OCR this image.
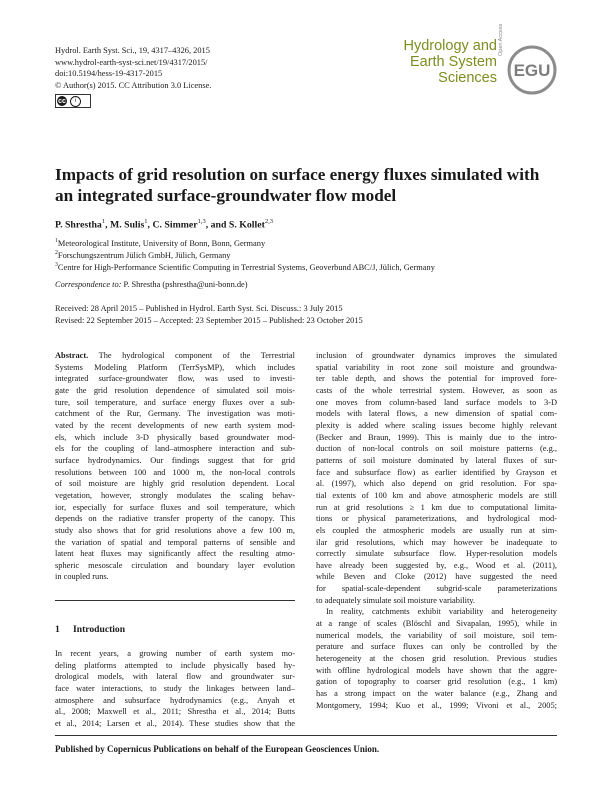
Hydrol. Earth Syst. Sci., 19, 4317–4326, 2015
www.hydrol-earth-syst-sci.net/19/4317/2015/
doi:10.5194/hess-19-4317-2015
© Author(s) 2015. CC Attribution 3.0 License.
cc	i
Hydrology and
Earth System
Sciences
Open Access
EGU
Impacts of grid resolution on surface energy fluxes simulated with
an integrated surface-groundwater flow model
P. Shrestha$^1$, M. Sulis$^1$, C. Simmer$^{1,3}$, and S. Kollet$^{2,3}$
$^1$Meteorological Institute, University of Bonn, Bonn, Germany
$^2$Forschungszentrum Jülich GmbH, Jülich, Germany
$^3$Centre for High-Performance Scientific Computing in Terrestrial Systems, Geoverbund ABC/J, Jülich, Germany
Correspondence to: P. Shrestha (pshrestha@uni-bonn.de)
Received: 28 April 2015 – Published in Hydrol. Earth Syst. Sci. Discuss.: 3 July 2015
Revised: 22 September 2015 – Accepted: 23 September 2015 – Published: 23 October 2015
Abstract. The hydrological component of the Terrestrial
Systems Modeling Platform (TerrSysMP), which includes
integrated surface-groundwater flow, was used to investi-
gate the grid resolution dependence of simulated soil mois-
ture, soil temperature, and surface energy fluxes over a sub-
catchment of the Rur, Germany. The investigation was moti-
vated by the recent developments of new earth system mod-
els, which include 3-D physically based groundwater mod-
els for the coupling of land–atmosphere interaction and sub-
surface hydrodynamics. Our findings suggest that for grid
resolutions between 100 and 1000 m, the non-local controls
of soil moisture are highly grid resolution dependent. Local
vegetation, however, strongly modulates the scaling behav-
ior, especially for surface fluxes and soil temperature, which
depends on the radiative transfer property of the canopy. This
study also shows that for grid resolutions above a few 100 m,
the variation of spatial and temporal patterns of sensible and
latent heat fluxes may significantly affect the resulting atmo-
spheric mesoscale circulation and boundary layer evolution
in coupled runs.
1 Introduction
In recent years, a growing number of earth system mo-
deling platforms attempted to include physically based hy-
drological models, with lateral flow and groundwater sur-
face water interactions, to study the linkages between land–
atmosphere and subsurface hydrodynamics (e.g., Anyah et
al., 2008; Maxwell et al., 2011; Shrestha et al., 2014; Butts
et al., 2014; Larsen et al., 2014). These studies show that the
inclusion of groundwater dynamics improves the simulated
spatial variability in root zone soil moisture and groundwa-
ter table depth, and shows the potential for improved fore-
casts of the whole terrestrial system. However, as soon as
one moves from column-based land surface models to 3-D
models with lateral flows, a new dimension of spatial com-
plexity is added where scaling issues become highly relevant
(Becker and Braun, 1999). This is mainly due to the intro-
duction of non-local controls on soil moisture patterns (e.g.,
patterns of soil moisture dominated by lateral fluxes of sur-
face and subsurface flow) as earlier identified by Grayson et
al. (1997), which also depend on grid resolution. For spa-
tial extents of 100 km and above atmospheric models are still
run at grid resolutions ≥ 1 km due to computational limita-
tions or physical parameterizations, and hydrological mod-
els coupled the atmospheric models are usually run at sim-
ilar grid resolutions, which may however be inadequate to
correctly simulate subsurface flow. Hyper-resolution models
have already been suggested by, e.g., Wood et al. (2011),
while Beven and Cloke (2012) have suggested the need
for spatial-scale-dependent subgrid-scale parameterizations
to adequately simulate soil moisture variability.
In reality, catchments exhibit variability and heterogeneity
at a range of scales (Blöschl and Sivapalan, 1995), while in
numerical models, the variability of soil moisture, soil tem-
perature and surface fluxes can only be controlled by the
heterogeneity at the chosen grid resolution. Previous studies
with offline hydrological models have shown that the aggre-
gation of topography to coarser grid resolution (e.g., 1 km)
has a strong impact on the water balance (e.g., Zhang and
Montgomery, 1994; Kuo et al., 1999; Vivoni et al., 2005;
Published by Copernicus Publications on behalf of the European Geosciences Union.
